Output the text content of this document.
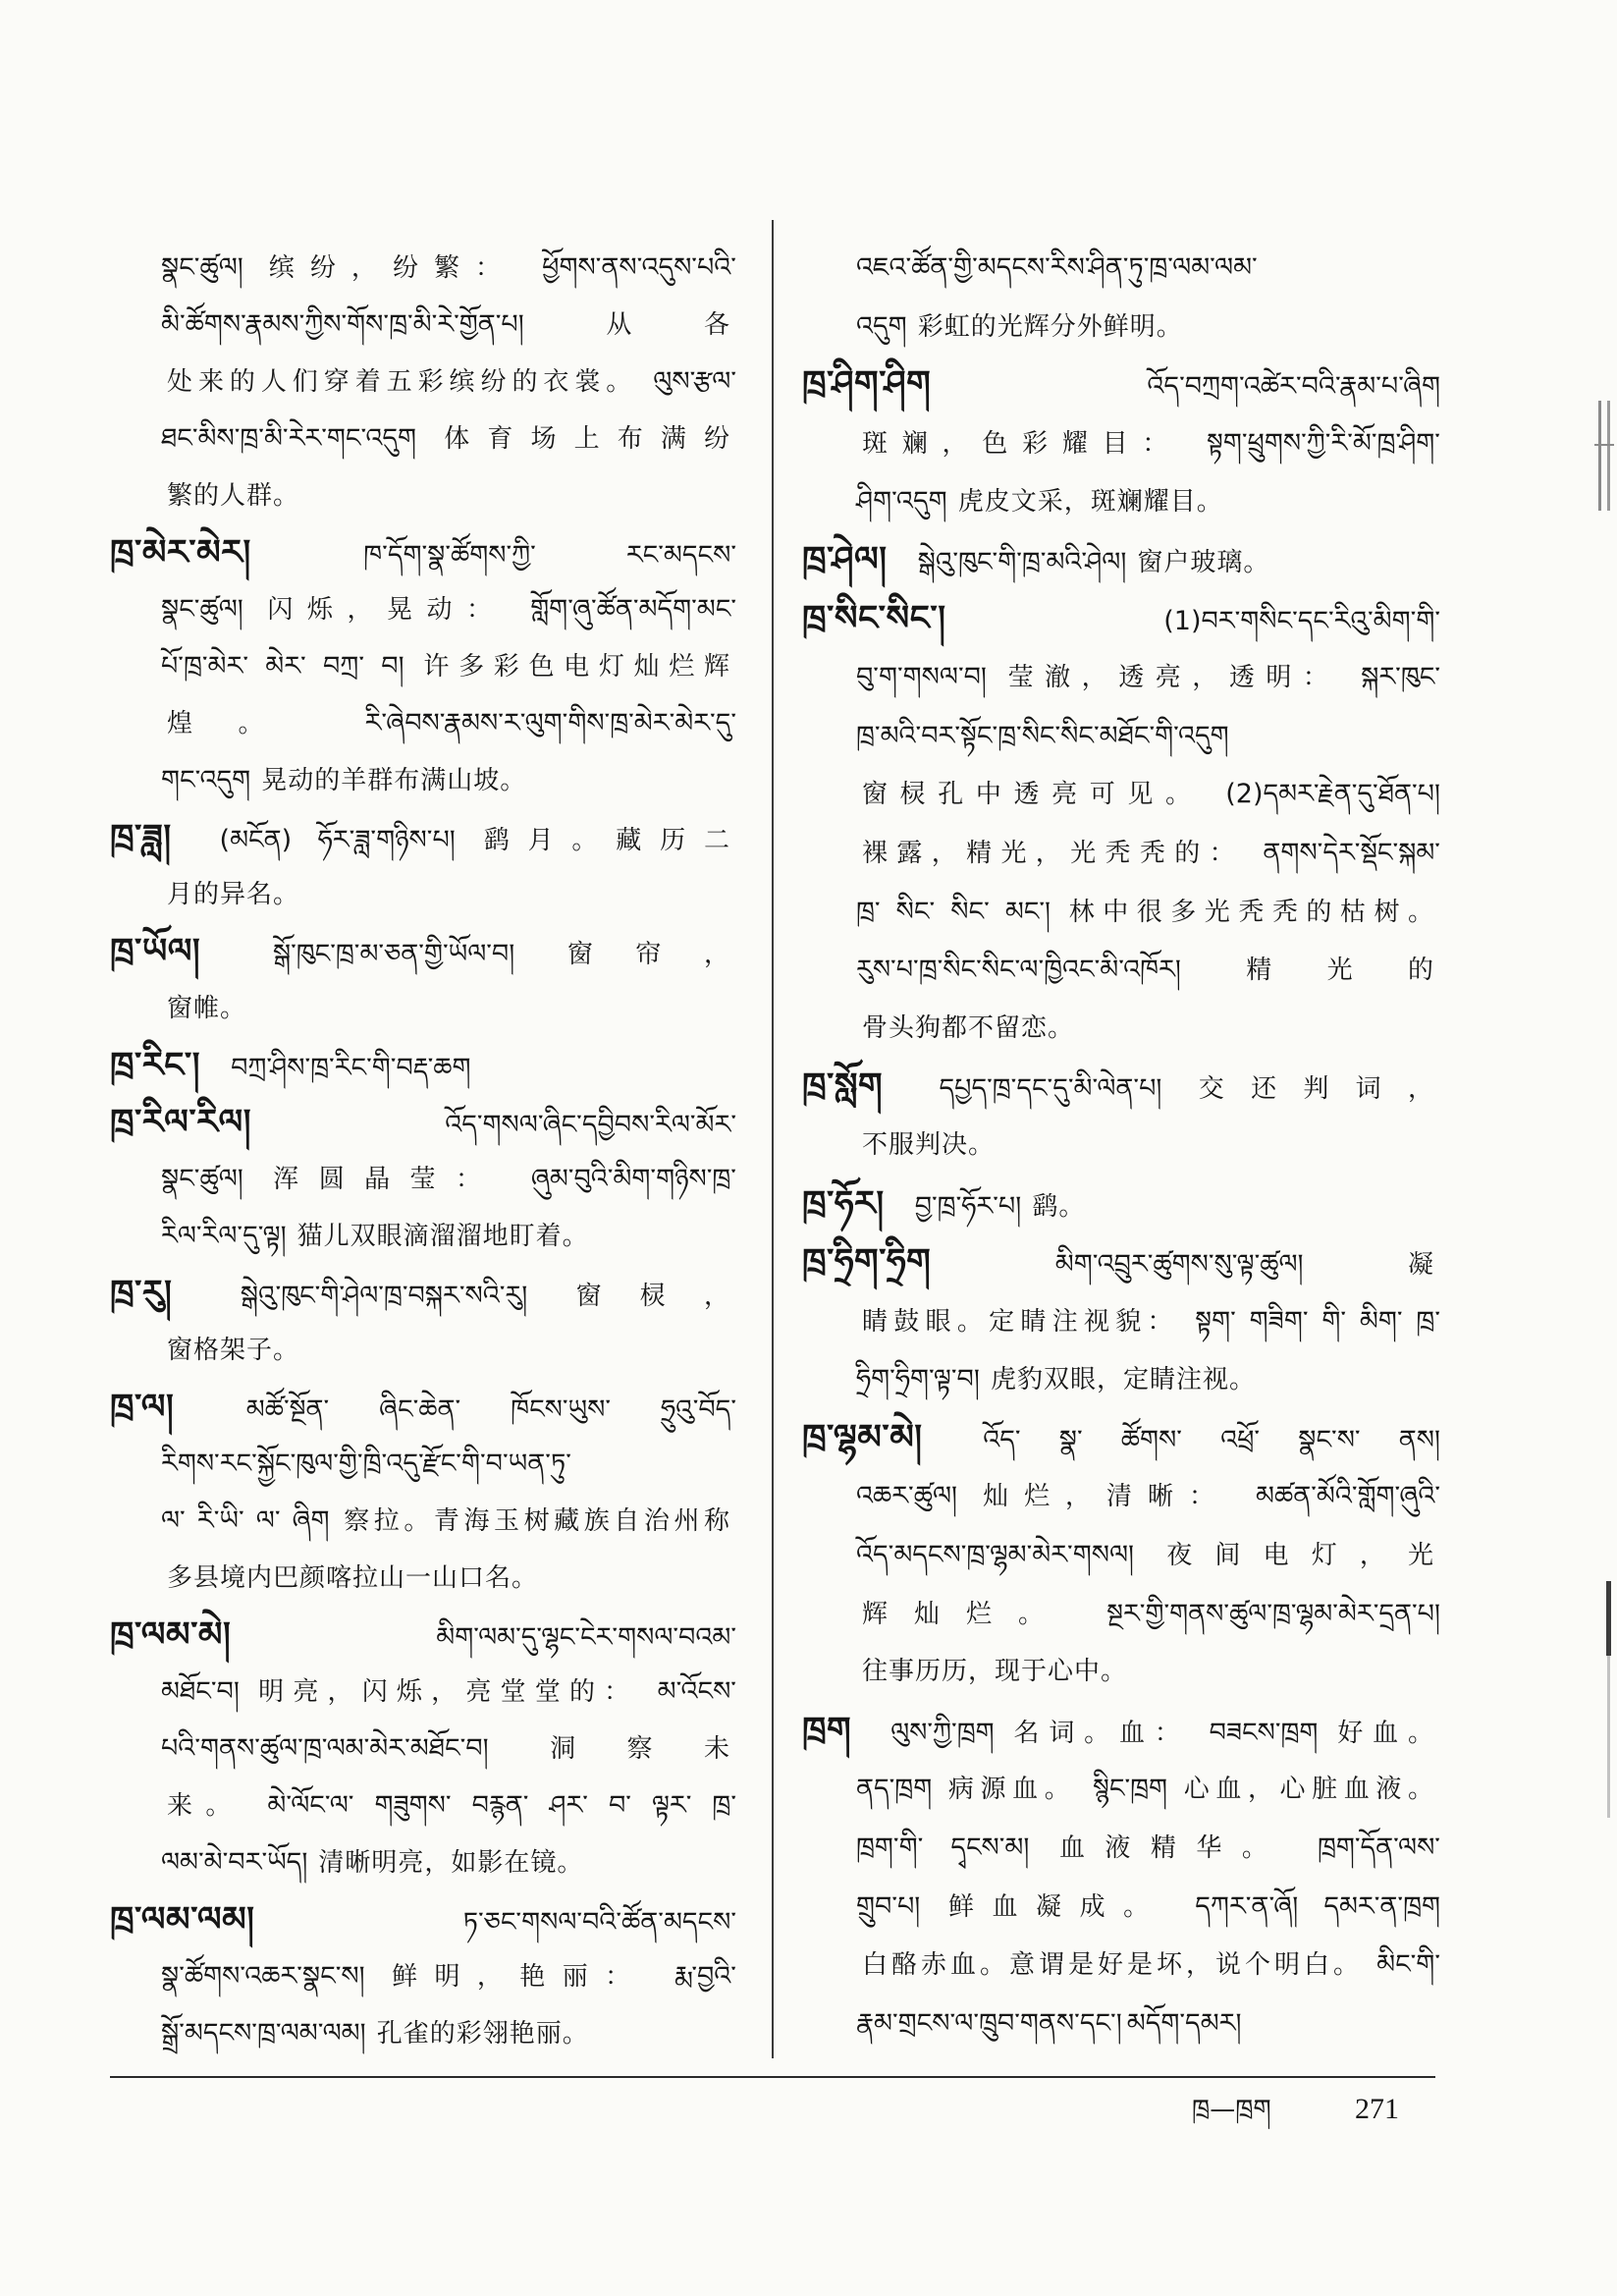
སྣང་ཚུལ། 缤纷，纷繁： ཕྱོགས་ནས་འདུས་པའི་
མི་ཚོགས་རྣམས་ཀྱིས་གོས་ཁྲ་མི་རེ་གྱོན་པ།	从各
处来的人们穿着五彩缤纷的衣裳。 ལུས་རྩལ་
ཐང་མིས་ཁྲ་མི་རེར་གང་འདུག 体育场上布满纷
繁的人群。
ཁྲ་མེར་མེར།	ཁ་དོག་སྣ་ཚོགས་ཀྱི་ རང་མདངས་
སྣང་ཚུལ། 闪烁，晃动： གློག་ཞུ་ཚོན་མདོག་མང་
པོ་ཁྲ་མེར་ མེར་ བཀྲ་ བ། 许多彩色电灯灿烂辉
煌。 རི་ཞེབས་རྣམས་ར་ལུག་གིས་ཁྲ་མེར་མེར་དུ་
གང་འདུག 晃动的羊群布满山坡。
ཁྲ་ཟླ། (མངོན) ཧོར་ཟླ་གཉིས་པ། 鹞月。藏历二
月的异名。
ཁྲ་ཡོལ།	སྒོ་ཁུང་ཁྲ་མ་ཅན་གྱི་ཡོལ་བ། 窗帘，
窗帷。
ཁྲ་རིང་། བཀྲ་ཤིས་ཁྲ་རིང་གི་བརྡ་ཆག
ཁྲ་རིལ་རིལ།	འོད་གསལ་ཞིང་དབྱིབས་རིལ་མོར་
སྣང་ཚུལ། 浑圆晶莹： ཞུམ་བུའི་མིག་གཉིས་ཁྲ་
རིལ་རིལ་དུ་ལྟ། 猫儿双眼滴溜溜地盯着。
ཁྲ་རུ།	སྒེའུ་ཁུང་གི་ཤེལ་ཁྲ་བསྐར་སའི་རུ། 窗棂，
窗格架子。
ཁྲ་ལ།	མཚོ་སྔོན་ ཞིང་ཆེན་ ཁོངས་ཡུས་ ཧྲུའུ་བོད་
རིགས་རང་སྐྱོང་ཁུལ་གྱི་ཁྲི་འདུ་རྫོང་གི་བ་ཡན་ཏུ་
ལ་ རི་ཡི་ ལ་ ཞིག 察拉。青海玉树藏族自治州称
多县境内巴颜喀拉山一山口名。
ཁྲ་ལམ་མེ།	མིག་ལམ་དུ་ལྷང་ངེར་གསལ་བའམ་
མཐོང་བ། 明亮，闪烁，亮堂堂的： མ་འོངས་
པའི་གནས་ཚུལ་ཁྲ་ལམ་མེར་མཐོང་བ། 洞察未
来。 མེ་ལོང་ལ་ གཟུགས་ བརྙན་ ཤར་ བ་ ལྟར་ ཁྲ་
ལམ་མེ་བར་ཡོད། 清晰明亮，如影在镜。
ཁྲ་ལམ་ལམ།	ཏ་ཅང་གསལ་བའི་ཚོན་མདངས་
སྣ་ཚོགས་འཆར་སྣང་ས། 鲜明，艳丽： རྨ་བྱའི་
སྒྲོ་མདངས་ཁྲ་ལམ་ལམ། 孔雀的彩翎艳丽。
འཇའ་ཚོན་གྱི་མདངས་རིས་ཤིན་ཏུ་ཁྲ་ལམ་ལམ་
འདུག 彩虹的光辉分外鲜明。
ཁྲ་ཤིག་ཤིག	འོད་བཀྲག་འཚེར་བའི་རྣམ་པ་ཞིག
斑斓，色彩耀目： སྟག་ཕྲུགས་ཀྱི་རི་མོ་ཁྲ་ཤིག་
ཤིག་འདུག 虎皮文采，斑斓耀目。
ཁྲ་ཤེལ། སྒེའུ་ཁུང་གི་ཁྲ་མའི་ཤེལ། 窗户玻璃。
ཁྲ་སིང་སིང་།	(1)བར་གསིང་དང་རིའུ་མིག་གི་
བུ་ག་གསལ་བ། 莹澈，透亮，透明： སྐར་ཁུང་
ཁྲ་མའི་བར་སྟོང་ཁྲ་སིང་སིང་མཐོང་གི་འདུག
窗棂孔中透亮可见。 (2)དམར་རྗེན་དུ་ཐོན་པ།
裸露，精光，光秃秃的： ནགས་དེར་སྡོང་སྐམ་
ཁྲ་ སིང་ སིང་ མང་། 林中很多光秃秃的枯树。
རུས་པ་ཁྲ་སིང་སིང་ལ་ཁྱིའང་མི་འཁོར།	精光的
骨头狗都不留恋。
ཁྲ་སློག དཔྱད་ཁྲ་དང་དུ་མི་ལེན་པ། 交还判词，
不服判决。
ཁྲ་ཧོར། བྱ་ཁྲ་ཧོར་པ། 鹞。
ཁྲ་ཧྲིག་ཧྲིག	མིག་འབྲུར་ཚུགས་སུ་ལྟ་ཚུལ།	凝
睛鼓眼。定睛注视貌： སྟག་ གཟིག་ གི་ མིག་ ཁྲ་
ཧྲིག་ཧྲིག་ལྟ་བ། 虎豹双眼，定睛注视。
ཁྲ་ལྷམ་མེ། འོད་ སྣ་ ཚོགས་ འཕྲོ་ སྣང་ས་ ནས།
འཆར་ཚུལ། 灿烂，清晰： མཚན་མོའི་གློག་ཞུའི་
འོད་མདངས་ཁྲ་ལྷམ་མེར་གསལ། 夜间电灯，光
辉灿烂。 སྔར་གྱི་གནས་ཚུལ་ཁྲ་ལྷམ་མེར་དྲན་པ།
往事历历，现于心中。
ཁྲག ལུས་ཀྱི་ཁྲག 名词。血： བཟངས་ཁྲག 好血。
ནད་ཁྲག 病源血。 སྙིང་ཁྲག 心血，心脏血液。
ཁྲག་གི་ དྭངས་མ། 血液精华。 ཁྲག་དོན་ལས་
གྲུབ་པ། 鲜血凝成。 དཀར་ན་ཞོ། དམར་ན་ཁྲག
白酪赤血。意谓是好是坏，说个明白。 མིང་གི་
རྣམ་གྲངས་ལ་ཁྲུབ་གནས་དང་། མདོག་དམར།
ཁྲ—ཁྲག	271
